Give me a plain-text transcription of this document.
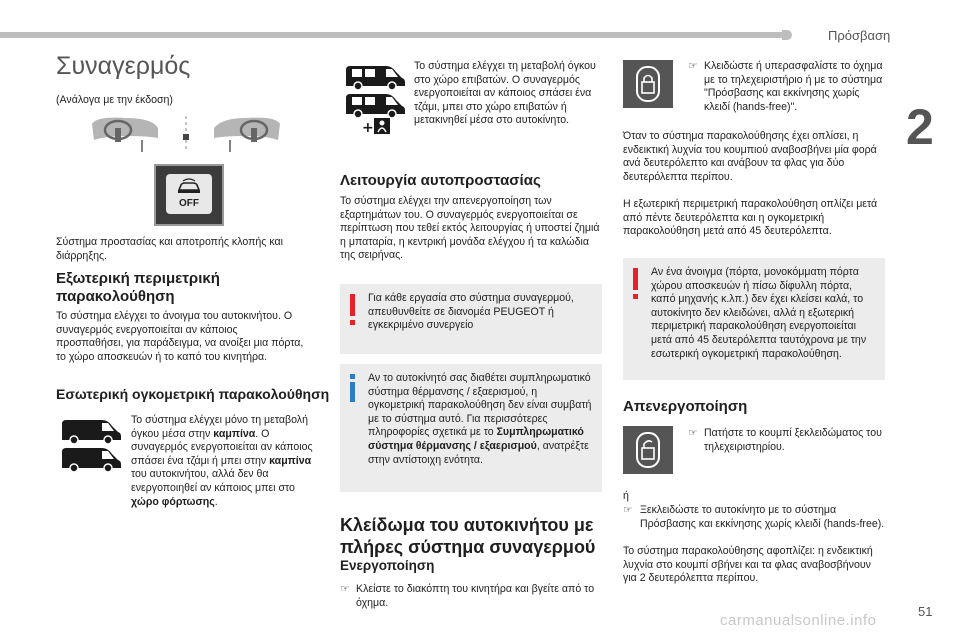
Πρόσβαση
2
51
carmanualsonline.info
Συναγερμός

(Ανάλογα με την έκδοση)

OFF

Σύστημα προστασίας και αποτροπής κλοπής και διάρρηξης.

Εξωτερική περιμετρική παρακολούθηση

Το σύστημα ελέγχει το άνοιγμα του αυτοκινήτου. Ο συναγερμός ενεργοποιείται αν κάποιος προσπαθήσει, για παράδειγμα, να ανοίξει μια πόρτα, το χώρο αποσκευών ή το καπό του κινητήρα.

Εσωτερική ογκομετρική παρακολούθηση

Το σύστημα ελέγχει μόνο τη μεταβολή όγκου μέσα στην καμπίνα. Ο συναγερμός ενεργοποιείται αν κάποιος σπάσει ένα τζάμι ή μπει στην καμπίνα του αυτοκινήτου, αλλά δεν θα ενεργοποιηθεί αν κάποιος μπει στο χώρο φόρτωσης.

+

Το σύστημα ελέγχει τη μεταβολή όγκου στο χώρο επιβατών. Ο συναγερμός ενεργοποιείται αν κάποιος σπάσει ένα τζάμι, μπει στο χώρο επιβατών ή μετακινηθεί μέσα στο αυτοκίνητο.

Λειτουργία αυτοπροστασίας

Το σύστημα ελέγχει την απενεργοποίηση των εξαρτημάτων του. Ο συναγερμός ενεργοποιείται σε περίπτωση που τεθεί εκτός λειτουργίας ή υποστεί ζημιά η μπαταρία, η κεντρική μονάδα ελέγχου ή τα καλώδια της σειρήνας.

Για κάθε εργασία στο σύστημα συναγερμού, απευθυνθείτε σε διανομέα PEUGEOT ή εγκεκριμένο συνεργείο
Αν το αυτοκίνητό σας διαθέτει συμπληρωματικό σύστημα θέρμανσης / εξαερισμού, η ογκομετρική παρακολούθηση δεν είναι συμβατή με το σύστημα αυτό. Για περισσότερες πληροφορίες σχετικά με το Συμπληρωματικό σύστημα θέρμανσης / εξαερισμού, ανατρέξτε στην αντίστοιχη ενότητα.
Κλείδωμα του αυτοκινήτου με πλήρες σύστημα συναγερμού
Ενεργοποίηση
☞ Κλείστε το διακόπτη του κινητήρα και βγείτε από το όχημα.

☞ Κλειδώστε ή υπερασφαλίστε το όχημα με το τηλεχειριστήριο ή με το σύστημα "Πρόσβασης και εκκίνησης χωρίς κλειδί (hands-free)".

Όταν το σύστημα παρακολούθησης έχει οπλίσει, η ενδεικτική λυχνία του κουμπιού αναβοσβήνει μία φορά ανά δευτερόλεπτο και ανάβουν τα φλας για δύο δευτερόλεπτα περίπου.

Η εξωτερική περιμετρική παρακολούθηση οπλίζει μετά από πέντε δευτερόλεπτα και η ογκομετρική παρακολούθηση μετά από 45 δευτερόλεπτα.

Αν ένα άνοιγμα (πόρτα, μονοκόμματη πόρτα χώρου αποσκευών ή πίσω δίφυλλη πόρτα, καπό μηχανής κ.λπ.) δεν έχει κλείσει καλά, το αυτοκίνητο δεν κλειδώνει, αλλά η εξωτερική περιμετρική παρακολούθηση ενεργοποιείται μετά από 45 δευτερόλεπτα ταυτόχρονα με την εσωτερική ογκομετρική παρακολούθηση.
Απενεργοποίηση
☞ Πατήστε το κουμπί ξεκλειδώματος του τηλεχειριστηρίου.

ή

☞ Ξεκλειδώστε το αυτοκίνητο με το σύστημα Πρόσβασης και εκκίνησης χωρίς κλειδί (hands-free).

Το σύστημα παρακολούθησης αφοπλίζει: η ενδεικτική λυχνία στο κουμπί σβήνει και τα φλας αναβοσβήνουν για 2 δευτερόλεπτα περίπου.
